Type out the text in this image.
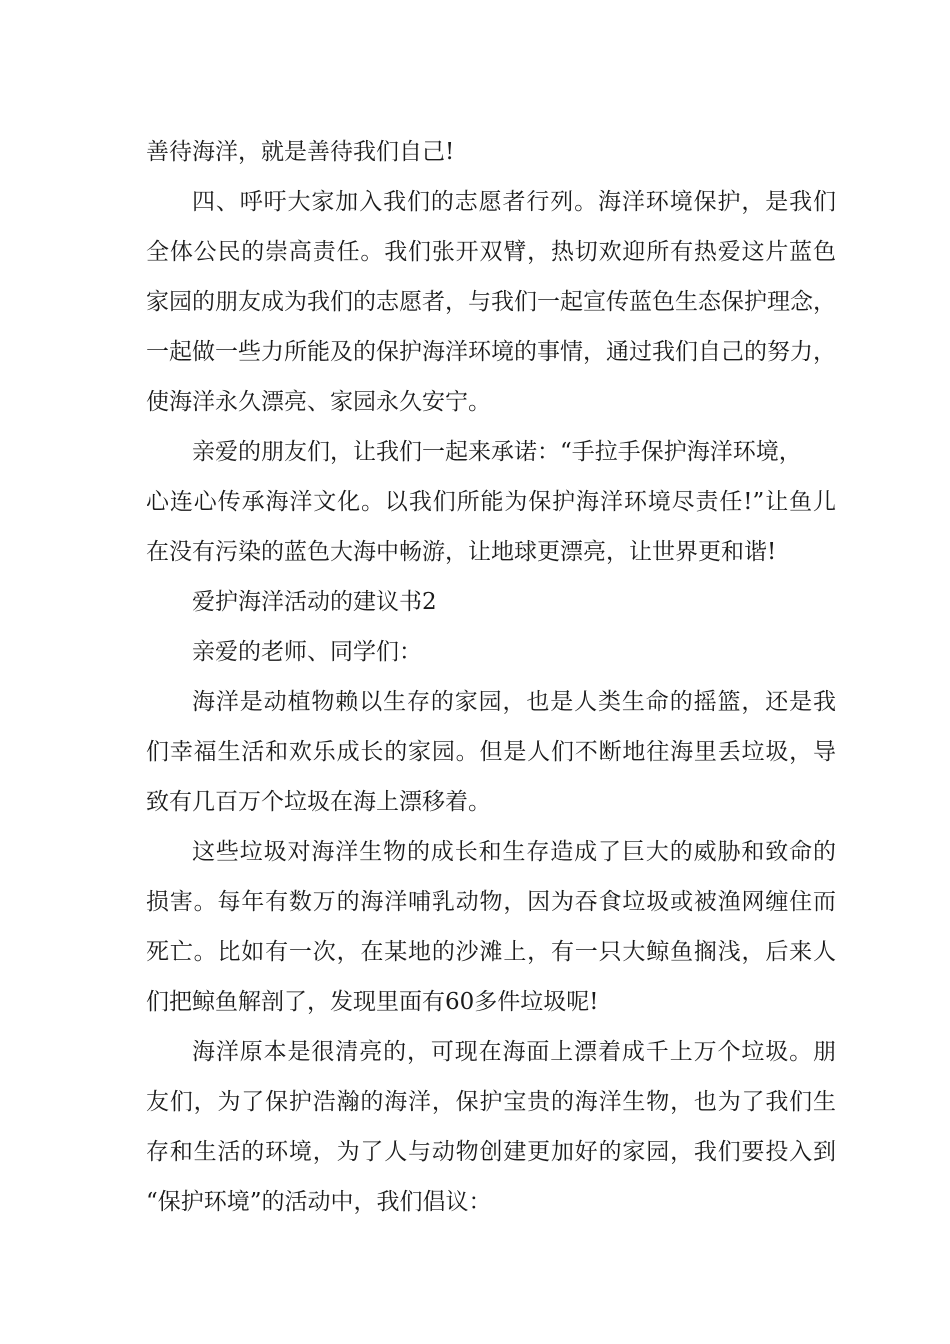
善待海洋，就是善待我们自己!
四、呼吁大家加入我们的志愿者行列。海洋环境保护，是我们
全体公民的崇高责任。我们张开双臂，热切欢迎所有热爱这片蓝色
家园的朋友成为我们的志愿者，与我们一起宣传蓝色生态保护理念，
一起做一些力所能及的保护海洋环境的事情，通过我们自己的努力，
使海洋永久漂亮、家园永久安宁。
亲爱的朋友们，让我们一起来承诺：“手拉手保护海洋环境，
心连心传承海洋文化。以我们所能为保护海洋环境尽责任!”让鱼儿
在没有污染的蓝色大海中畅游，让地球更漂亮，让世界更和谐!
爱护海洋活动的建议书2
亲爱的老师、同学们：
海洋是动植物赖以生存的家园，也是人类生命的摇篮，还是我
们幸福生活和欢乐成长的家园。但是人们不断地往海里丢垃圾，导
致有几百万个垃圾在海上漂移着。
这些垃圾对海洋生物的成长和生存造成了巨大的威胁和致命的
损害。每年有数万的海洋哺乳动物，因为吞食垃圾或被渔网缠住而
死亡。比如有一次，在某地的沙滩上，有一只大鲸鱼搁浅，后来人
们把鲸鱼解剖了，发现里面有60多件垃圾呢!
海洋原本是很清亮的，可现在海面上漂着成千上万个垃圾。朋
友们，为了保护浩瀚的海洋，保护宝贵的海洋生物，也为了我们生
存和生活的环境，为了人与动物创建更加好的家园，我们要投入到
“保护环境”的活动中，我们倡议：
